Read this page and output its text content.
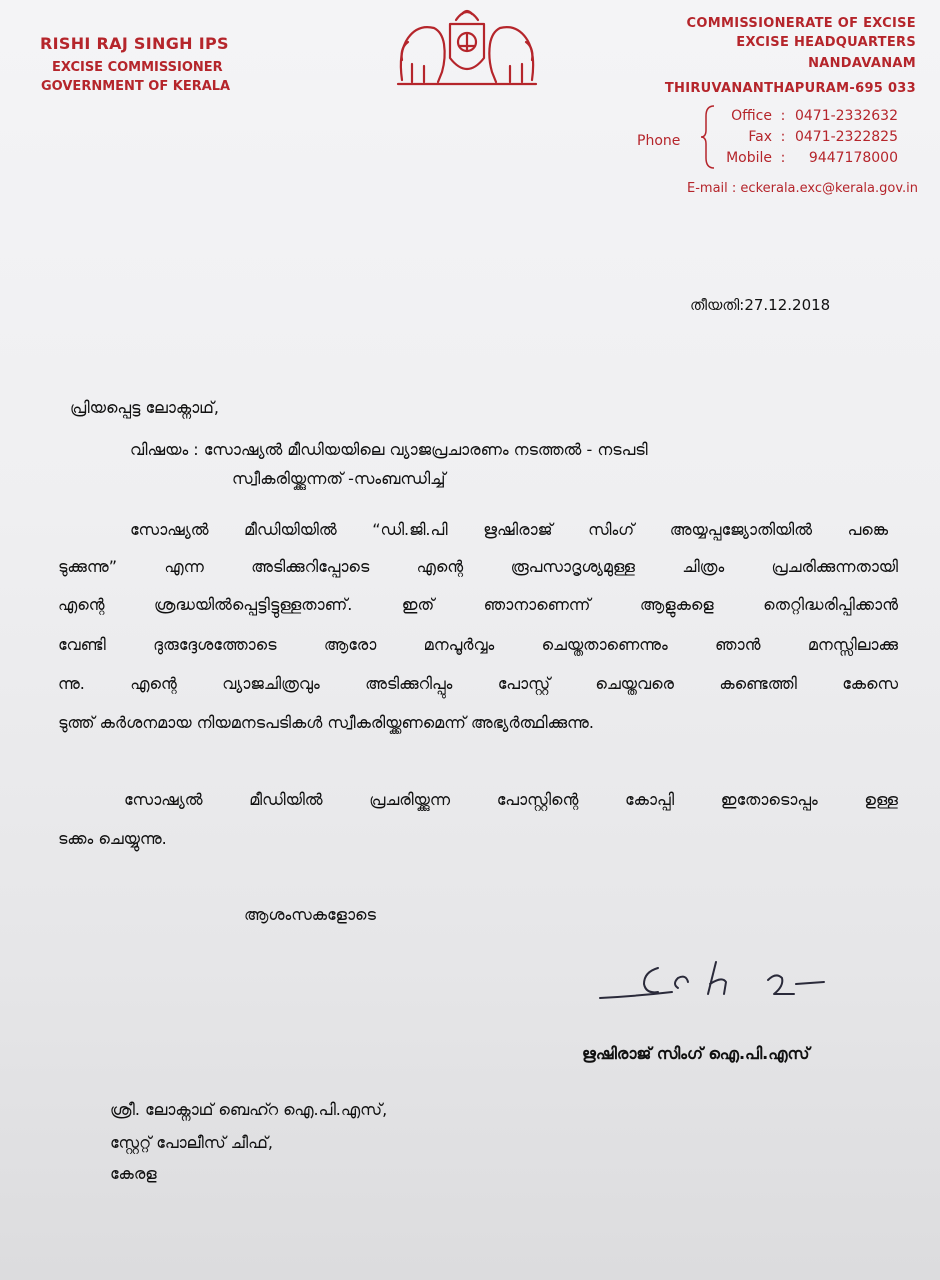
RISHI RAJ SINGH IPS
EXCISE COMMISSIONER
GOVERNMENT OF KERALA
COMMISSIONERATE OF EXCISE
EXCISE HEADQUARTERS
NANDAVANAM
THIRUVANANTHAPURAM-695 033
Phone
Office : 0471-2332632
Fax : 0471-2322825
Mobile : 9447178000
E-mail : eckerala.exc@kerala.gov.in
തീയതി:27.12.2018
പ്രിയപ്പെട്ട ലോക്നാഥ്,
വിഷയം : സോഷ്യൽ മീഡിയയിലെ വ്യാജപ്രചാരണം നടത്തൽ - നടപടി
സ്വീകരിയ്ക്കുന്നത് -സംബന്ധിച്ച്
സോഷ്യൽ മീഡിയിയിൽ “ഡി.ജി.പി ഋഷിരാജ് സിംഗ് അയ്യപ്പജ്യോതിയിൽ പങ്കെ
ടുക്കുന്നു” എന്ന അടിക്കുറിപ്പോടെ എന്റെ രൂപസാദൃശ്യമുള്ള ചിത്രം പ്രചരിക്കുന്നതായി
എന്റെ ശ്രദ്ധയിൽപ്പെട്ടിട്ടുള്ളതാണ്. ഇത് ഞാനാണെന്ന് ആളുകളെ തെറ്റിദ്ധരിപ്പിക്കാൻ
വേണ്ടി ദുരുദ്ദേശത്തോടെ ആരോ മനപൂർവ്വം ചെയ്തതാണെന്നും ഞാൻ മനസ്സിലാക്കു
ന്നു. എന്റെ വ്യാജചിത്രവും അടിക്കുറിപ്പും പോസ്റ്റ് ചെയ്തവരെ കണ്ടെത്തി കേസെ
ടുത്ത് കർശനമായ നിയമനടപടികൾ സ്വീകരിയ്ക്കണമെന്ന് അഭ്യർത്ഥിക്കുന്നു.
സോഷ്യൽ മീഡിയിൽ പ്രചരിയ്ക്കുന്ന പോസ്റ്റിന്റെ കോപ്പി ഇതോടൊപ്പം ഉള്ള
ടക്കം ചെയ്യുന്നു.
ആശംസകളോടെ
ഋഷിരാജ് സിംഗ് ഐ.പി.എസ്
ശ്രീ. ലോക്നാഥ് ബെഹ്റ ഐ.പി.എസ്,
സ്റ്റേറ്റ് പോലീസ് ചീഫ്,
കേരള
